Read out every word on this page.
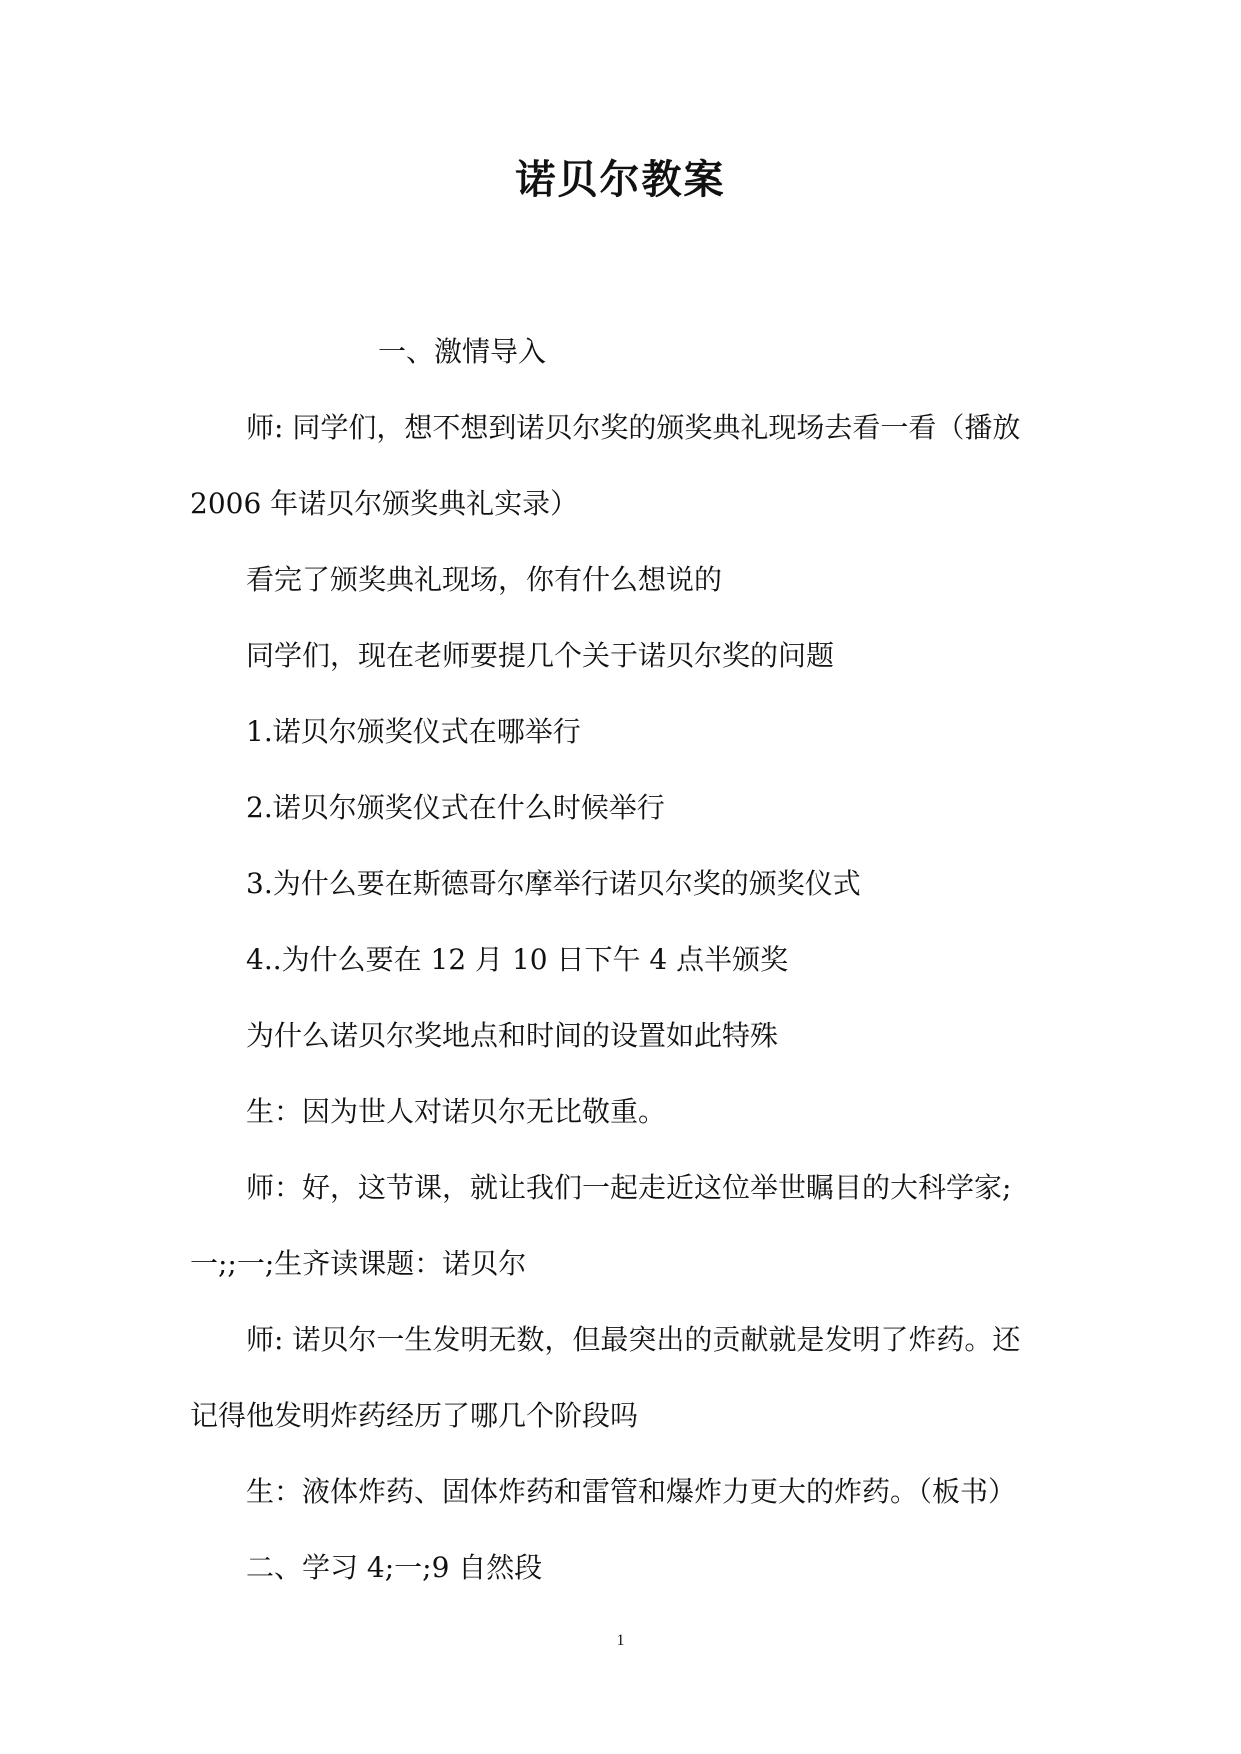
诺贝尔教案
一、激情导入
师: 同学们，想不想到诺贝尔奖的颁奖典礼现场去看一看（播放
2006 年诺贝尔颁奖典礼实录）
看完了颁奖典礼现场，你有什么想说的
同学们，现在老师要提几个关于诺贝尔奖的问题
1.诺贝尔颁奖仪式在哪举行
2.诺贝尔颁奖仪式在什么时候举行
3.为什么要在斯德哥尔摩举行诺贝尔奖的颁奖仪式
4..为什么要在 12 月 10 日下午 4 点半颁奖
为什么诺贝尔奖地点和时间的设置如此特殊
生：因为世人对诺贝尔无比敬重。
师：好，这节课，就让我们一起走近这位举世瞩目的大科学家;
一;;一;生齐读课题：诺贝尔
师: 诺贝尔一生发明无数，但最突出的贡献就是发明了炸药。还
记得他发明炸药经历了哪几个阶段吗
生：液体炸药、固体炸药和雷管和爆炸力更大的炸药。（板书）
二、学习 4;一;9 自然段
1
